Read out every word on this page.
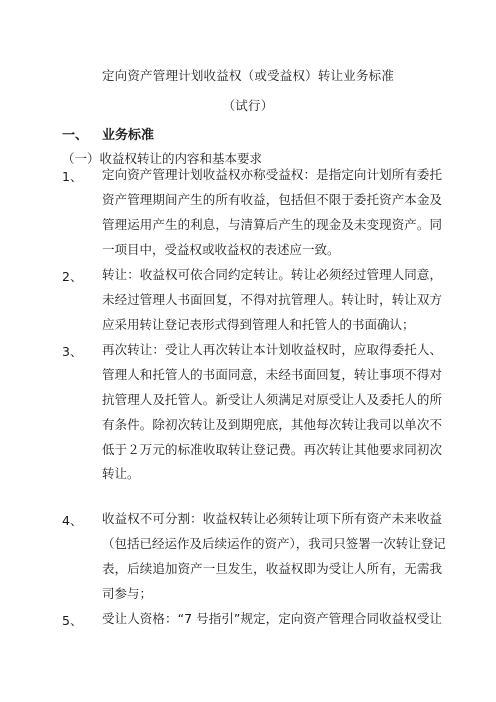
定向资产管理计划收益权（或受益权）转让业务标准
（试行）
一、 业务标准
（一）收益权转让的内容和基本要求
1、	定向资产管理计划收益权亦称受益权：是指定向计划所有委托
资产管理期间产生的所有收益，包括但不限于委托资产本金及
管理运用产生的利息，与清算后产生的现金及未变现资产。同
一项目中，受益权或收益权的表述应一致。
2、	转让：收益权可依合同约定转让。转让必须经过管理人同意，
未经过管理人书面回复，不得对抗管理人。转让时，转让双方
应采用转让登记表形式得到管理人和托管人的书面确认；
3、	再次转让：受让人再次转让本计划收益权时，应取得委托人、
管理人和托管人的书面同意，未经书面回复，转让事项不得对
抗管理人及托管人。新受让人须满足对原受让人及委托人的所
有条件。除初次转让及到期兜底，其他每次转让我司以单次不
低于２万元的标准收取转让登记费。再次转让其他要求同初次
转让。
4、	收益权不可分割：收益权转让必须转让项下所有资产未来收益
（包括已经运作及后续运作的资产），我司只签署一次转让登记
表，后续追加资产一旦发生，收益权即为受让人所有，无需我
司参与；
5、	受让人资格：“7 号指引”规定，定向资产管理合同收益权受让
